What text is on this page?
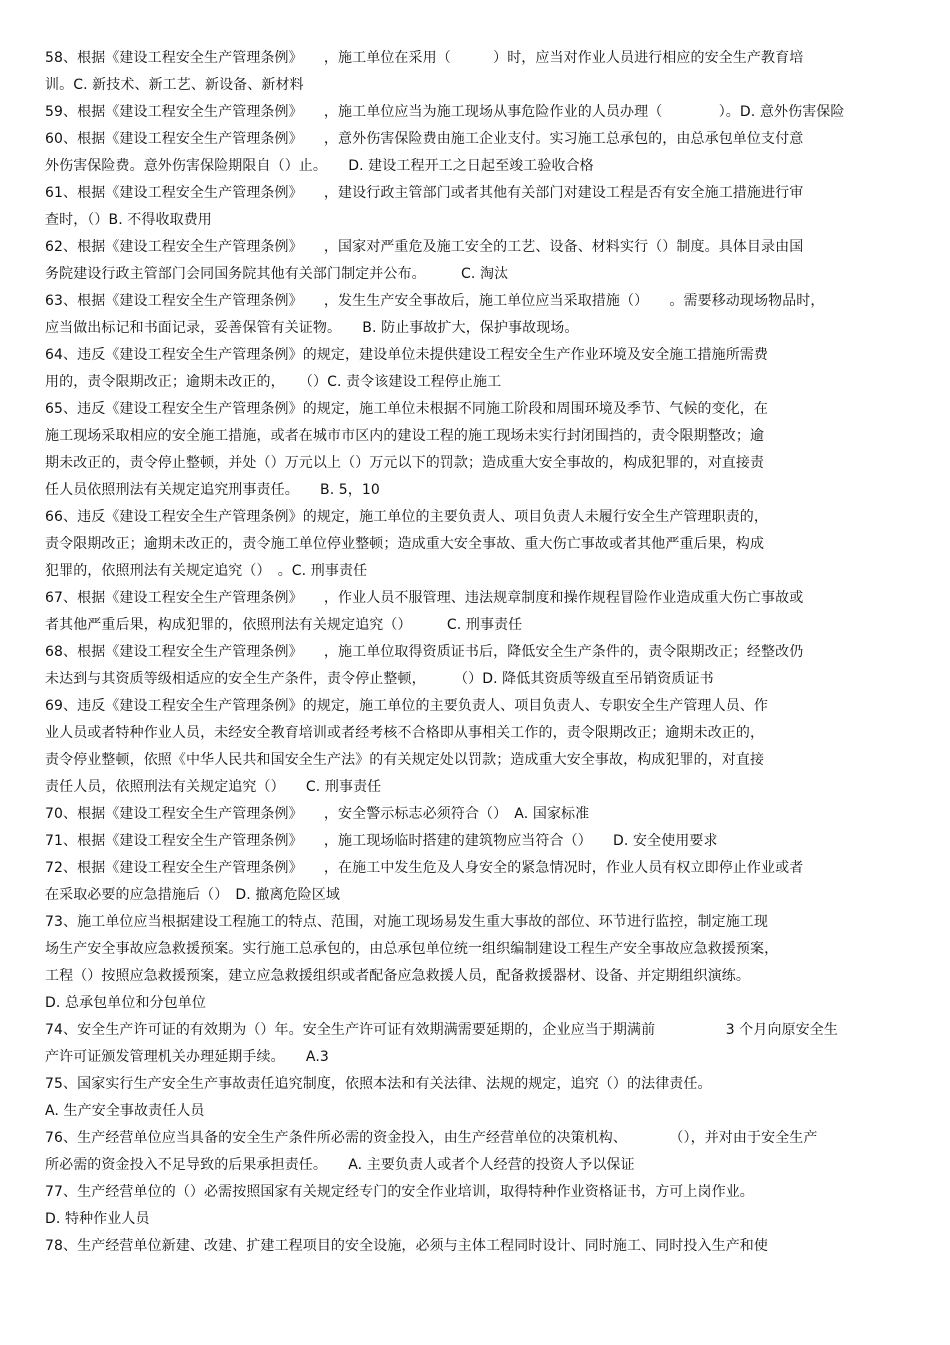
58、根据《建设工程安全生产管理条例》　　，施工单位在采用（　　　）时，应当对作业人员进行相应的安全生产教育培
训。C. 新技术、新工艺、新设备、新材料
59、根据《建设工程安全生产管理条例》　　，施工单位应当为施工现场从事危险作业的人员办理（　　　　）。D. 意外伤害保险
60、根据《建设工程安全生产管理条例》　　，意外伤害保险费由施工企业支付。实习施工总承包的，由总承包单位支付意
外伤害保险费。意外伤害保险期限自（）止。　　D. 建设工程开工之日起至竣工验收合格
61、根据《建设工程安全生产管理条例》　　，建设行政主管部门或者其他有关部门对建设工程是否有安全施工措施进行审
查时，（）B. 不得收取费用
62、根据《建设工程安全生产管理条例》　　，国家对严重危及施工安全的工艺、设备、材料实行（）制度。具体目录由国
务院建设行政主管部门会同国务院其他有关部门制定并公布。　　　C. 淘汰
63、根据《建设工程安全生产管理条例》　　，发生生产安全事故后，施工单位应当采取措施（）　　。需要移动现场物品时，
应当做出标记和书面记录，妥善保管有关证物。　　B. 防止事故扩大，保护事故现场。
64、违反《建设工程安全生产管理条例》的规定，建设单位未提供建设工程安全生产作业环境及安全施工措施所需费
用的，责令限期改正；逾期未改正的，　　（）C. 责令该建设工程停止施工
65、违反《建设工程安全生产管理条例》的规定，施工单位未根据不同施工阶段和周围环境及季节、气候的变化，在
施工现场采取相应的安全施工措施，或者在城市市区内的建设工程的施工现场未实行封闭围挡的，责令限期整改；逾
期未改正的，责令停止整顿，并处（）万元以上（）万元以下的罚款；造成重大安全事故的，构成犯罪的，对直接责
任人员依照刑法有关规定追究刑事责任。　　B. 5，10
66、违反《建设工程安全生产管理条例》的规定，施工单位的主要负责人、项目负责人未履行安全生产管理职责的，
责令限期改正；逾期未改正的，责令施工单位停业整顿；造成重大安全事故、重大伤亡事故或者其他严重后果，构成
犯罪的，依照刑法有关规定追究（）　。C. 刑事责任
67、根据《建设工程安全生产管理条例》　　，作业人员不服管理、违法规章制度和操作规程冒险作业造成重大伤亡事故或
者其他严重后果，构成犯罪的，依照刑法有关规定追究（）　　　C. 刑事责任
68、根据《建设工程安全生产管理条例》　　，施工单位取得资质证书后，降低安全生产条件的，责令限期改正；经整改仍
未达到与其资质等级相适应的安全生产条件，责令停止整顿，　　　（）D. 降低其资质等级直至吊销资质证书
69、违反《建设工程安全生产管理条例》的规定，施工单位的主要负责人、项目负责人、专职安全生产管理人员、作
业人员或者特种作业人员，未经安全教育培训或者经考核不合格即从事相关工作的，责令限期改正；逾期未改正的，
责令停业整顿，依照《中华人民共和国安全生产法》的有关规定处以罚款；造成重大安全事故，构成犯罪的，对直接
责任人员，依照刑法有关规定追究（）　　C. 刑事责任
70、根据《建设工程安全生产管理条例》　　，安全警示标志必须符合（）　A. 国家标准
71、根据《建设工程安全生产管理条例》　　，施工现场临时搭建的建筑物应当符合（）　　D. 安全使用要求
72、根据《建设工程安全生产管理条例》　　，在施工中发生危及人身安全的紧急情况时，作业人员有权立即停止作业或者
在采取必要的应急措施后（）　D. 撤离危险区域
73、施工单位应当根据建设工程施工的特点、范围，对施工现场易发生重大事故的部位、环节进行监控，制定施工现
场生产安全事故应急救援预案。实行施工总承包的，由总承包单位统一组织编制建设工程生产安全事故应急救援预案，
工程（）按照应急救援预案，建立应急救援组织或者配备应急救援人员，配备救援器材、设备、并定期组织演练。
D. 总承包单位和分包单位
74、安全生产许可证的有效期为（）年。安全生产许可证有效期满需要延期的，企业应当于期满前　　　　　3 个月向原安全生
产许可证颁发管理机关办理延期手续。　　A.3
75、国家实行生产安全生产事故责任追究制度，依照本法和有关法律、法规的规定，追究（）的法律责任。
A. 生产安全事故责任人员
76、生产经营单位应当具备的安全生产条件所必需的资金投入，由生产经营单位的决策机构、　　　　（），并对由于安全生产
所必需的资金投入不足导致的后果承担责任。　　A. 主要负责人或者个人经营的投资人予以保证
77、生产经营单位的（）必需按照国家有关规定经专门的安全作业培训，取得特种作业资格证书，方可上岗作业。
D. 特种作业人员
78、生产经营单位新建、改建、扩建工程项目的安全设施，必须与主体工程同时设计、同时施工、同时投入生产和使
